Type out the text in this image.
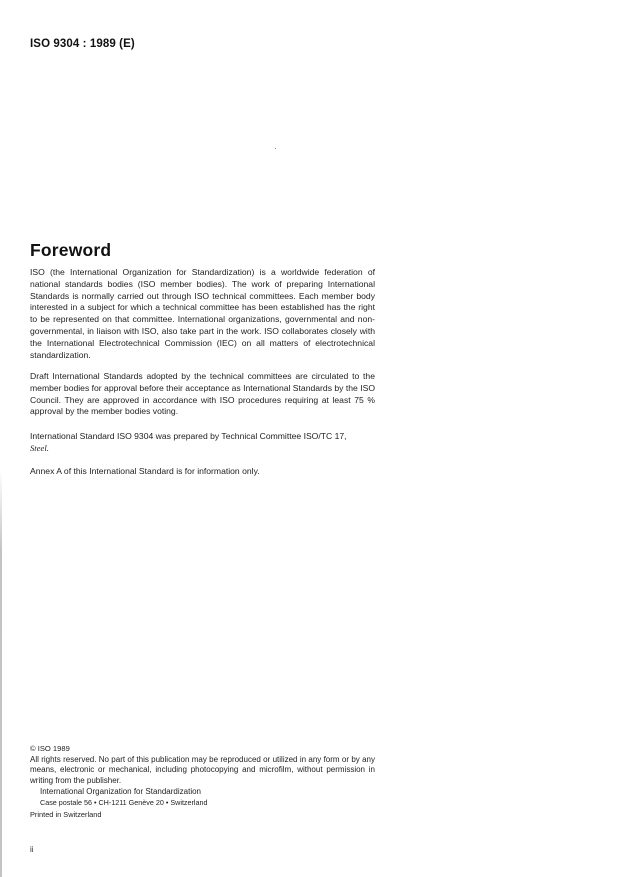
ISO 9304 : 1989 (E)
Foreword
ISO (the International Organization for Standardization) is a worldwide federation of national standards bodies (ISO member bodies). The work of preparing International Standards is normally carried out through ISO technical committees. Each member body interested in a subject for which a technical committee has been established has the right to be represented on that committee. International organizations, governmental and non-governmental, in liaison with ISO, also take part in the work. ISO collaborates closely with the International Electrotechnical Commission (IEC) on all matters of electrotechnical standardization.
Draft International Standards adopted by the technical committees are circulated to the member bodies for approval before their acceptance as International Standards by the ISO Council. They are approved in accordance with ISO procedures requiring at least 75 % approval by the member bodies voting.
International Standard ISO 9304 was prepared by Technical Committee ISO/TC 17,
Steel.
Annex A of this International Standard is for information only.
© ISO 1989
All rights reserved. No part of this publication may be reproduced or utilized in any form or by any means, electronic or mechanical, including photocopying and microfilm, without permission in writing from the publisher.
International Organization for Standardization
Case postale 56 • CH-1211 Genève 20 • Switzerland
Printed in Switzerland
ii
